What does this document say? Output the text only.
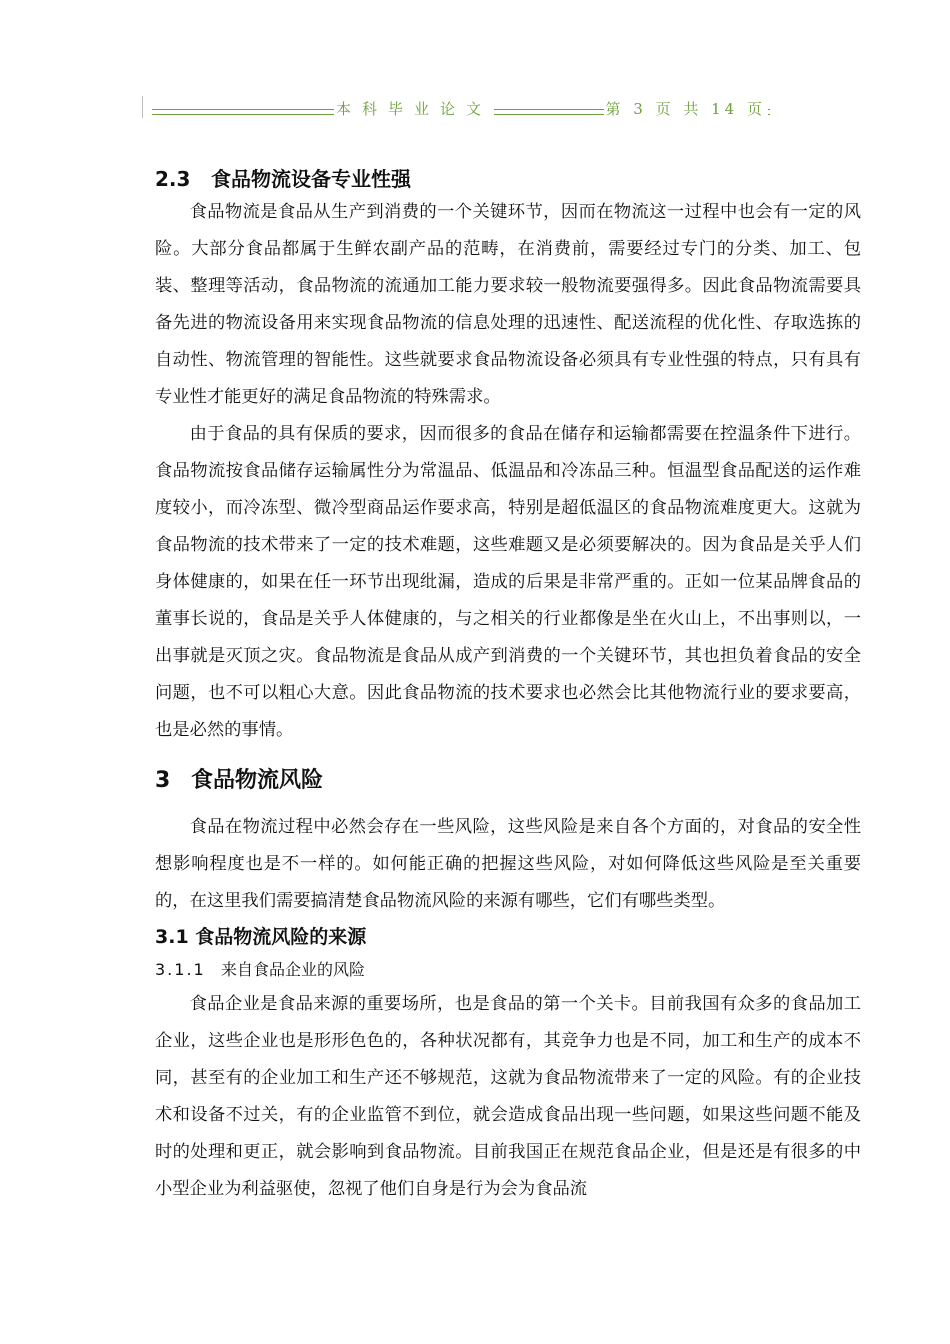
本科毕业论文	第 3 页 共 14 页
2.3 食品物流设备专业性强

食品物流是食品从生产到消费的一个关键环节，因而在物流这一过程中也会有一定的风险。大部分食品都属于生鲜农副产品的范畴，在消费前，需要经过专门的分类、加工、包装、整理等活动，食品物流的流通加工能力要求较一般物流要强得多。因此食品物流需要具备先进的物流设备用来实现食品物流的信息处理的迅速性、配送流程的优化性、存取选拣的自动性、物流管理的智能性。这些就要求食品物流设备必须具有专业性强的特点，只有具有专业性才能更好的满足食品物流的特殊需求。

由于食品的具有保质的要求，因而很多的食品在储存和运输都需要在控温条件下进行。食品物流按食品储存运输属性分为常温品、低温品和冷冻品三种。恒温型食品配送的运作难度较小，而冷冻型、微冷型商品运作要求高，特别是超低温区的食品物流难度更大。这就为食品物流的技术带来了一定的技术难题，这些难题又是必须要解决的。因为食品是关乎人们身体健康的，如果在任一环节出现纰漏，造成的后果是非常严重的。正如一位某品牌食品的董事长说的，食品是关乎人体健康的，与之相关的行业都像是坐在火山上，不出事则以，一出事就是灭顶之灾。食品物流是食品从成产到消费的一个关键环节，其也担负着食品的安全问题，也不可以粗心大意。因此食品物流的技术要求也必然会比其他物流行业的要求要高，也是必然的事情。

3 食品物流风险

食品在物流过程中必然会存在一些风险，这些风险是来自各个方面的，对食品的安全性想影响程度也是不一样的。如何能正确的把握这些风险，对如何降低这些风险是至关重要的，在这里我们需要搞清楚食品物流风险的来源有哪些，它们有哪些类型。

3.1 食品物流风险的来源
3.1.1 来自食品企业的风险

食品企业是食品来源的重要场所，也是食品的第一个关卡。目前我国有众多的食品加工企业，这些企业也是形形色色的，各种状况都有，其竞争力也是不同，加工和生产的成本不同，甚至有的企业加工和生产还不够规范，这就为食品物流带来了一定的风险。有的企业技术和设备不过关，有的企业监管不到位，就会造成食品出现一些问题，如果这些问题不能及时的处理和更正，就会影响到食品物流。目前我国正在规范食品企业，但是还是有很多的中小型企业为利益驱使，忽视了他们自身是行为会为食品流
